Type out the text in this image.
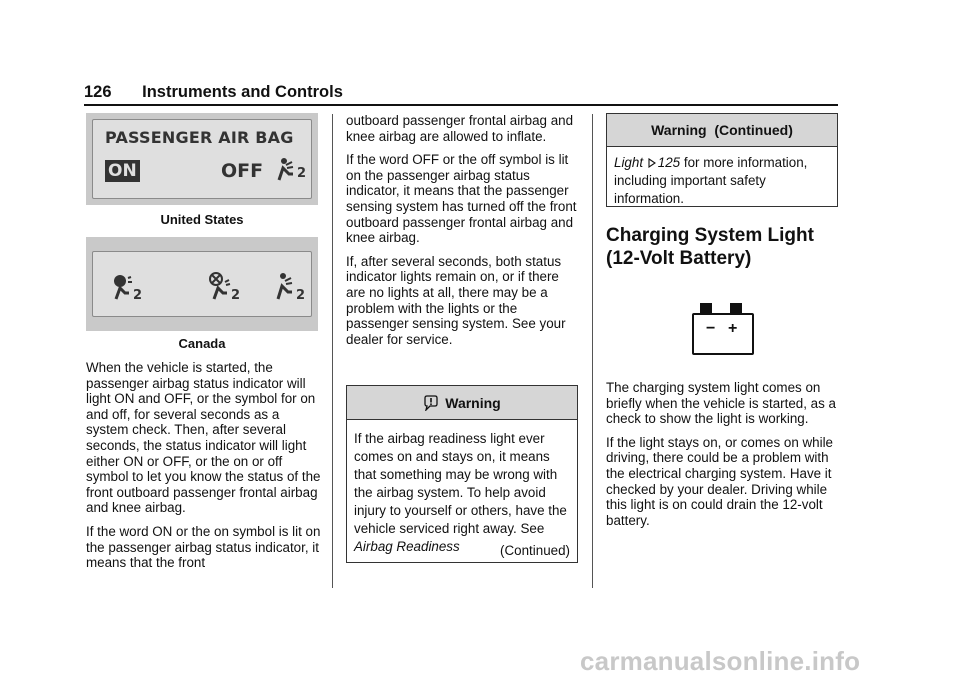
126 Instruments and Controls
PASSENGER AIR BAG
ON	OFF	2
United States
2	2	2
Canada

When the vehicle is started, the passenger airbag status indicator will light ON and OFF, or the symbol for on and off, for several seconds as a system check. Then, after several seconds, the status indicator will light either ON or OFF, or the on or off symbol to let you know the status of the front outboard passenger frontal airbag and knee airbag.

If the word ON or the on symbol is lit on the passenger airbag status indicator, it means that the front

outboard passenger frontal airbag and knee airbag are allowed to inflate.

If the word OFF or the off symbol is lit on the passenger airbag status indicator, it means that the passenger sensing system has turned off the front outboard passenger frontal airbag and knee airbag.

If, after several seconds, both status indicator lights remain on, or if there are no lights at all, there may be a problem with the lights or the passenger sensing system. See your dealer for service.

Warning
If the airbag readiness light ever comes on and stays on, it means that something may be wrong with the airbag system. To help avoid injury to yourself or others, have the vehicle serviced right away. See Airbag Readiness	(Continued)
Warning  (Continued)
Light 125 for more information, including important safety information.
Charging System Light
(12-Volt Battery)
− +

The charging system light comes on briefly when the vehicle is started, as a check to show the light is working.

If the light stays on, or comes on while driving, there could be a problem with the electrical charging system. Have it checked by your dealer. Driving while this light is on could drain the 12-volt battery.

carmanualsonline.info
